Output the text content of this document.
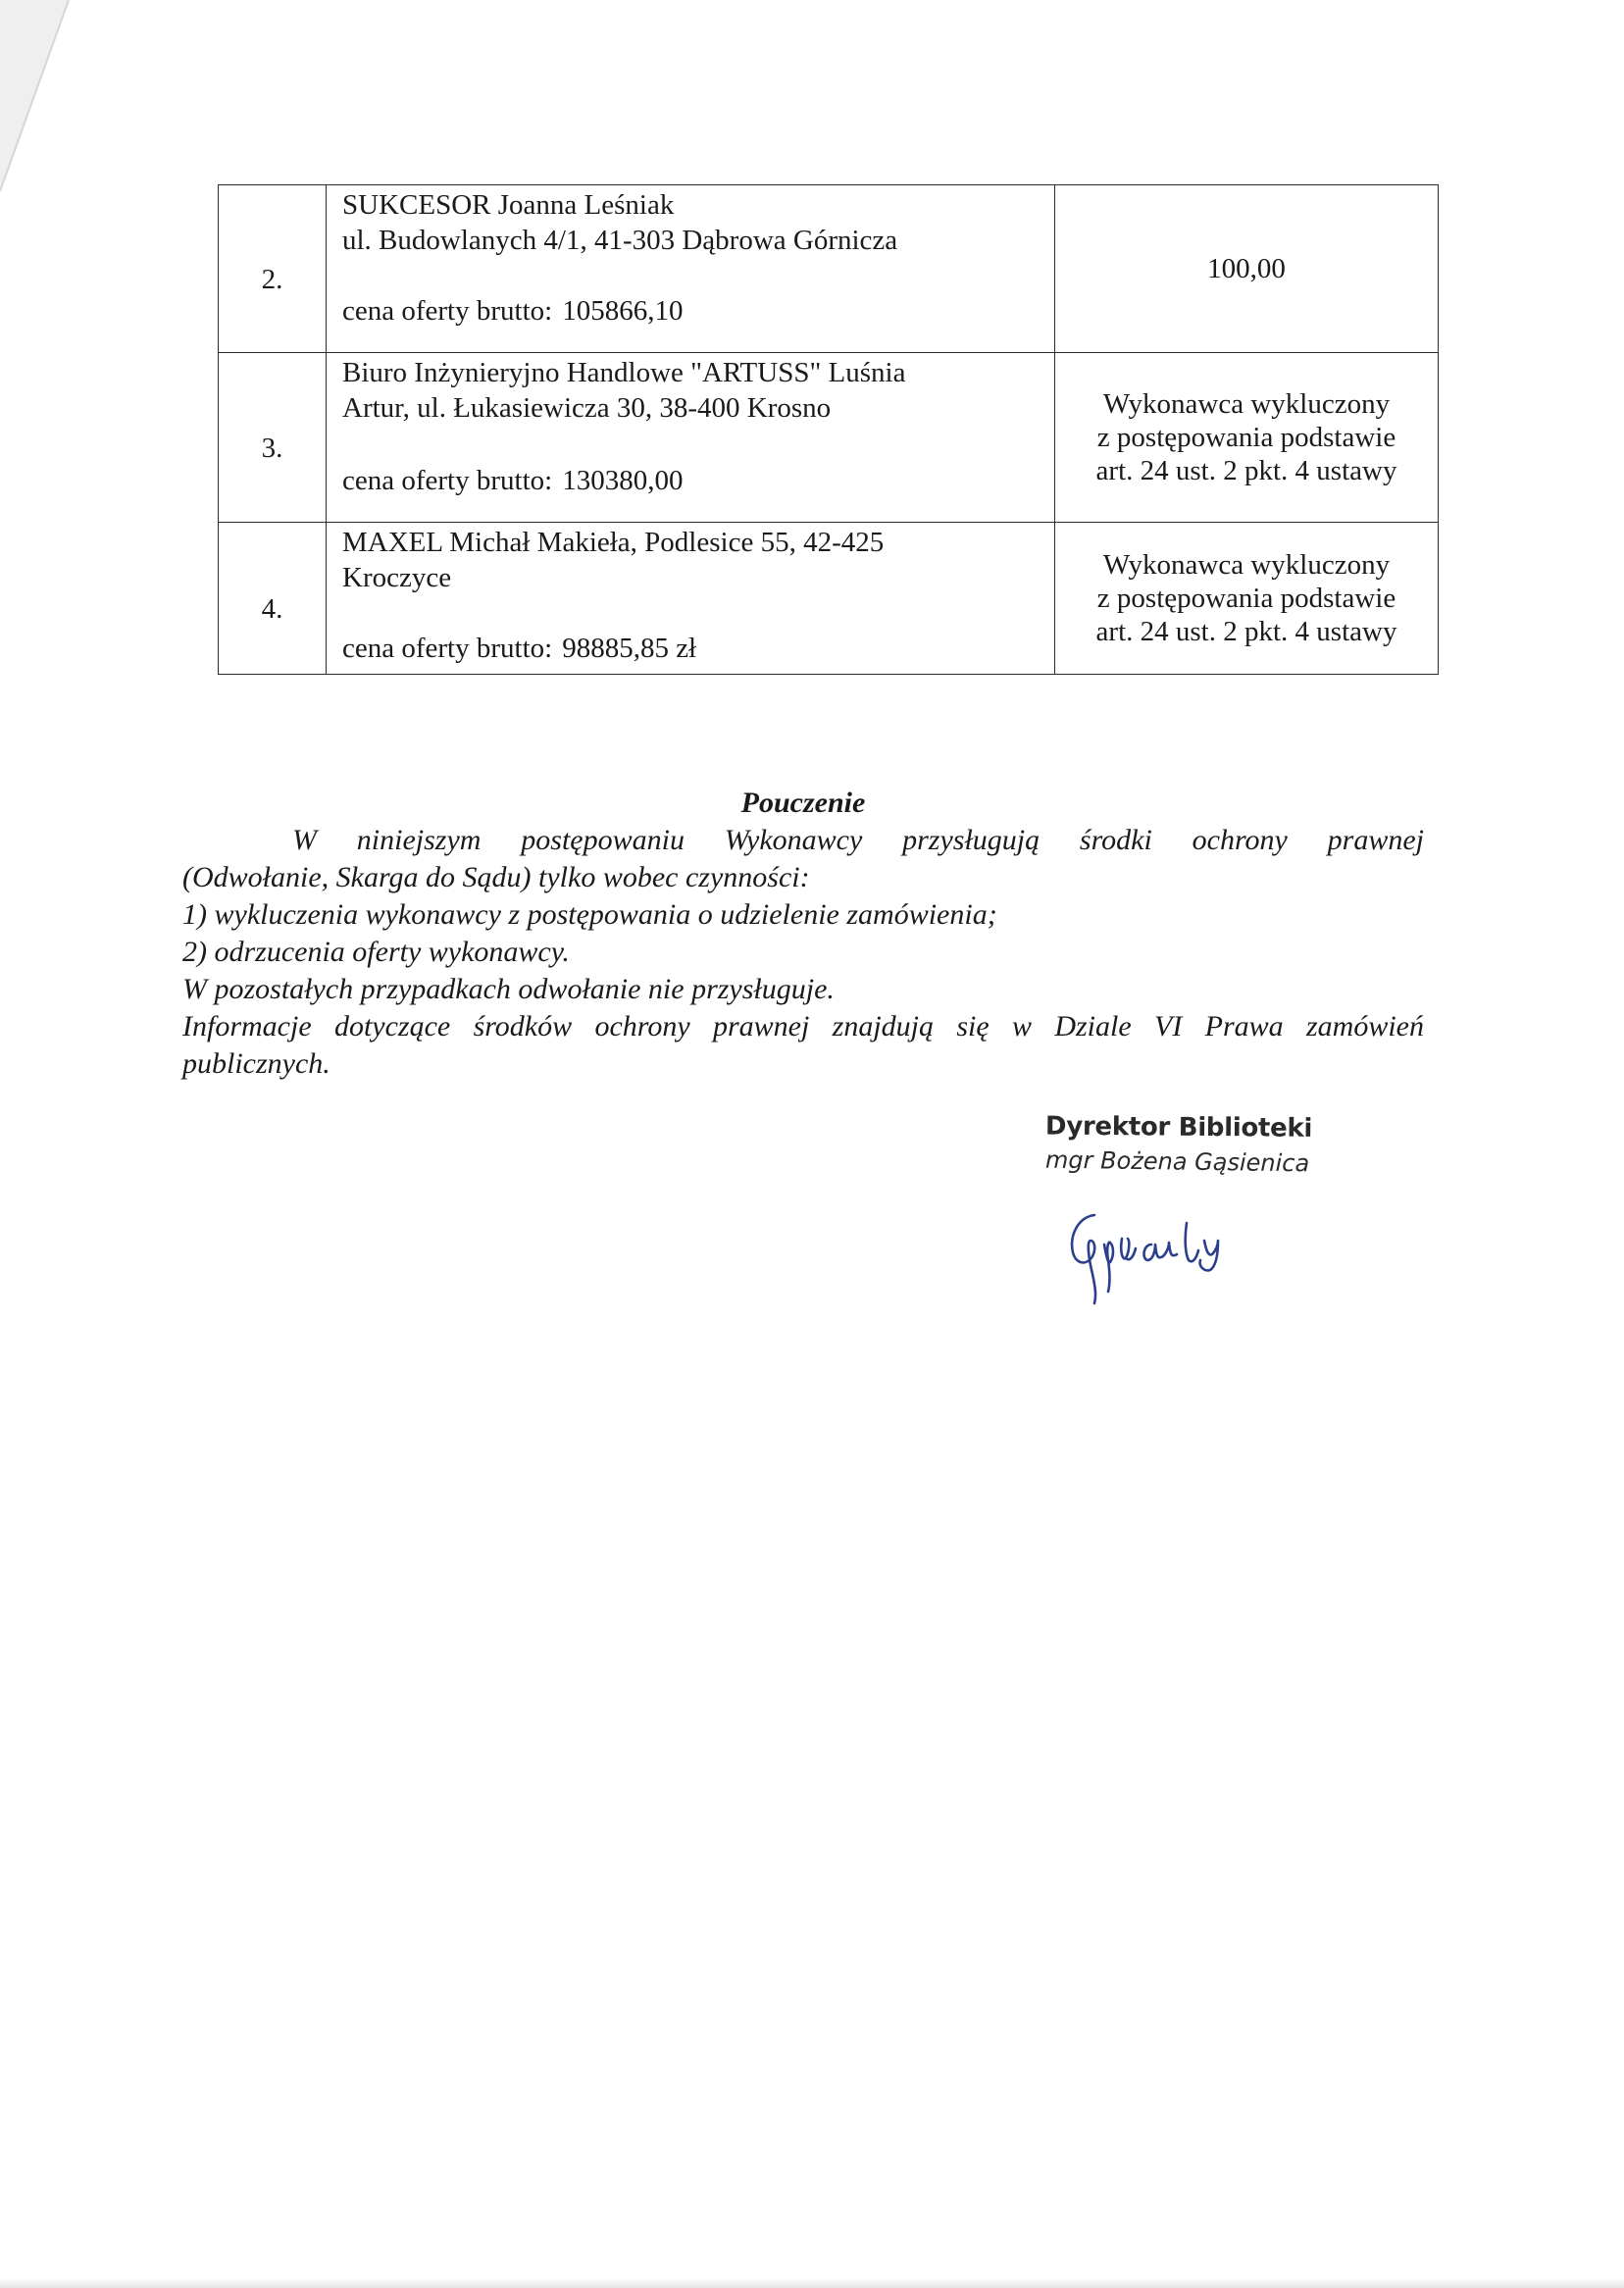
2.	SUKCESOR Joanna Leśniak
ul. Budowlanych 4/1, 41-303 Dąbrowa Górnicza
cena oferty brutto: 105866,10	100,00

3.	Biuro Inżynieryjno Handlowe "ARTUSS" Luśnia
Artur, ul. Łukasiewicza 30, 38-400 Krosno
cena oferty brutto: 130380,00	Wykonawca wykluczony
z postępowania podstawie
art. 24 ust. 2 pkt. 4 ustawy

4.	MAXEL Michał Makieła, Podlesice 55, 42-425
Kroczyce
cena oferty brutto: 98885,85 zł	Wykonawca wykluczony
z postępowania podstawie
art. 24 ust. 2 pkt. 4 ustawy
Pouczenie
W niniejszym postępowaniu Wykonawcy przysługują środki ochrony prawnej
(Odwołanie, Skarga do Sądu) tylko wobec czynności:
1) wykluczenia wykonawcy z postępowania o udzielenie zamówienia;
2) odrzucenia oferty wykonawcy.
W pozostałych przypadkach odwołanie nie przysługuje.
Informacje dotyczące środków ochrony prawnej znajdują się w Dziale VI Prawa zamówień
publicznych.
Dyrektor Biblioteki
mgr Bożena Gąsienica
